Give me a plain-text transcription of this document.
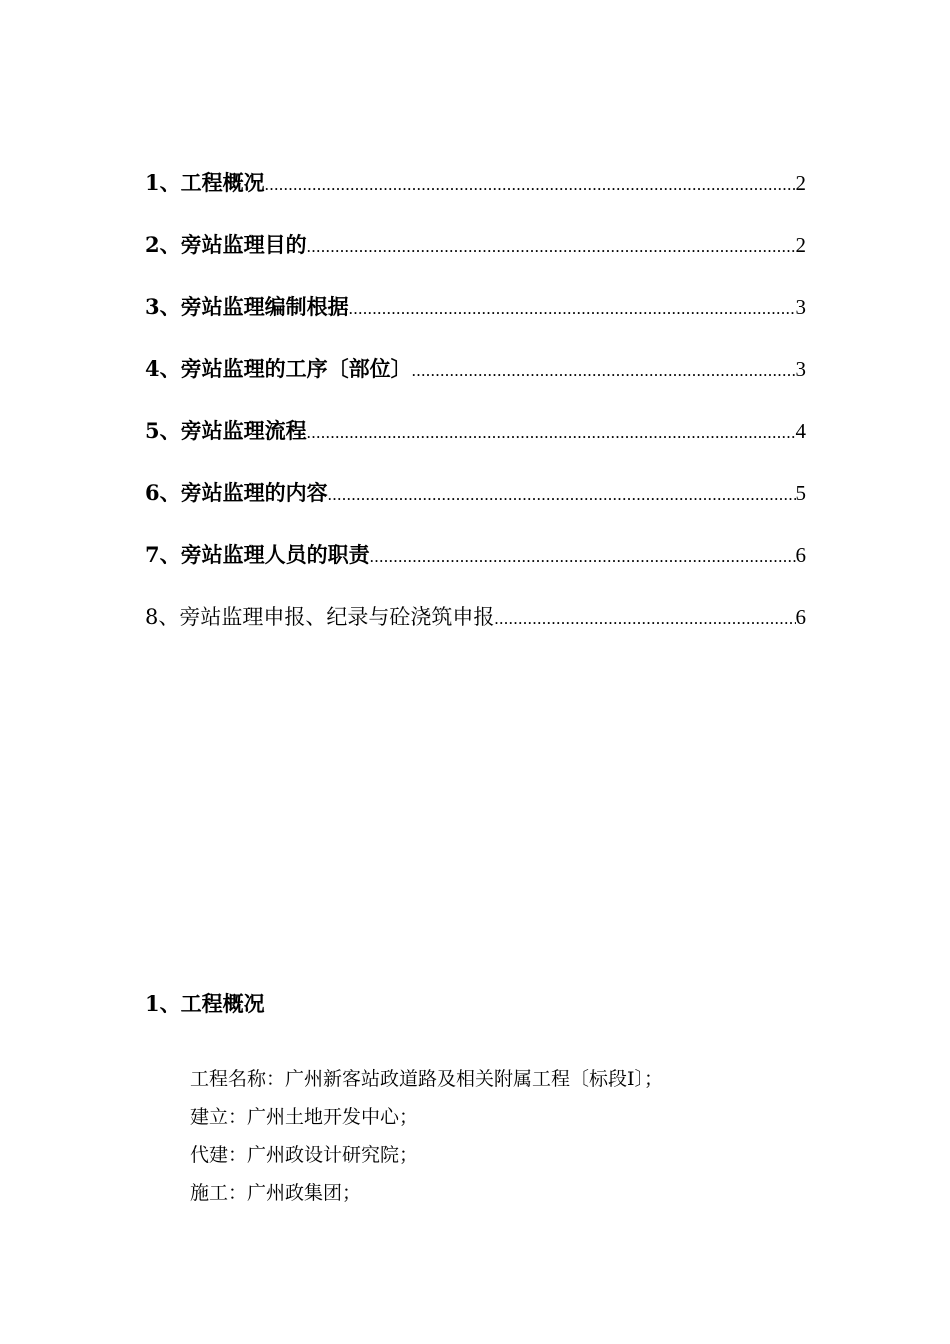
1、工程概况 .....	2
2、旁站监理目的 .....	2
3、旁站监理编制根据 .....	3
4、旁站监理的工序〔部位〕 .....	3
5、旁站监理流程 .....	4
6、旁站监理的内容 .....	5
7、旁站监理人员的职责 .....	6
8、旁站监理申报、纪录与砼浇筑申报 .....	6
1、工程概况
工程名称：广州新客站政道路及相关附属工程〔标段Ⅰ〕；
建立：广州土地开发中心；
代建：广州政设计研究院；
施工：广州政集团；
